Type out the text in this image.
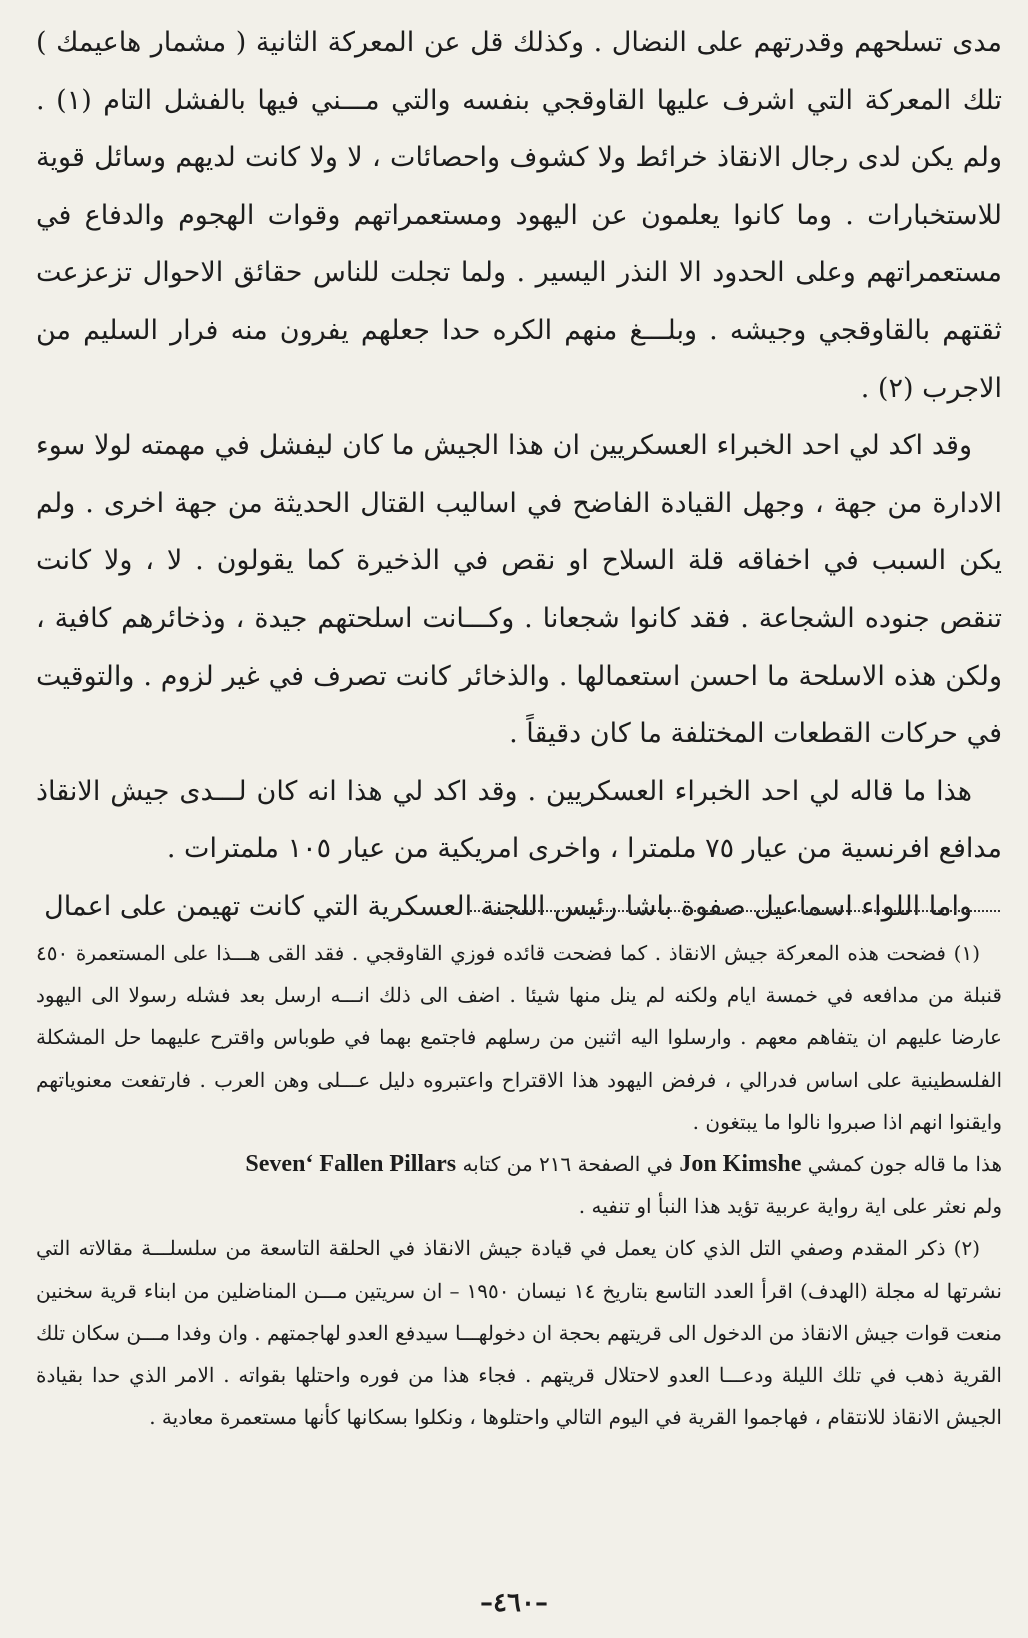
مدى تسلحهم وقدرتهم على النضال . وكذلك قل عن المعركة الثانية ( مشمار هاعيمك ) تلك المعركة التي اشرف عليها القاوقجي بنفسه والتي مـــني فيها بالفشل التام (١) . ولم يكن لدى رجال الانقاذ خرائط ولا كشوف واحصائات ، لا ولا كانت لديهم وسائل قوية للاستخبارات . وما كانوا يعلمون عن اليهود ومستعمراتهم وقوات الهجوم والدفاع في مستعمراتهم وعلى الحدود الا النذر اليسير . ولما تجلت للناس حقائق الاحوال تزعزعت ثقتهم بالقاوقجي وجيشه . وبلـــغ منهم الكره حدا جعلهم يفرون منه فرار السليم من الاجرب (٢) .

وقد اكد لي احد الخبراء العسكريين ان هذا الجيش ما كان ليفشل في مهمته لولا سوء الادارة من جهة ، وجهل القيادة الفاضح في اساليب القتال الحديثة من جهة اخرى . ولم يكن السبب في اخفاقه قلة السلاح او نقص في الذخيرة كما يقولون . لا ، ولا كانت تنقص جنوده الشجاعة . فقد كانوا شجعانا . وكـــانت اسلحتهم جيدة ، وذخائرهم كافية ، ولكن هذه الاسلحة ما احسن استعمالها . والذخائر كانت تصرف في غير لزوم . والتوقيت في حركات القطعات المختلفة ما كان دقيقاً .

هذا ما قاله لي احد الخبراء العسكريين . وقد اكد لي هذا انه كان لـــدى جيش الانقاذ مدافع افرنسية من عيار ٧٥ ملمترا ، واخرى امريكية من عيار ١٠٥ ملمترات .

واما اللواء اسماعيل صفوة باشا رئيس اللجنة العسكرية التي كانت تهيمن على اعمال

(١) فضحت هذه المعركة جيش الانقاذ . كما فضحت قائده فوزي القاوقجي . فقد القى هـــذا على المستعمرة ٤٥٠ قنبلة من مدافعه في خمسة ايام ولكنه لم ينل منها شيئا . اضف الى ذلك انـــه ارسل بعد فشله رسولا الى اليهود عارضا عليهم ان يتفاهم معهم . وارسلوا اليه اثنين من رسلهم فاجتمع بهما في طوباس واقترح عليهما حل المشكلة الفلسطينية على اساس فدرالي ، فرفض اليهود هذا الاقتراح واعتبروه دليل عـــلى وهن العرب . فارتفعت معنوياتهم وايقنوا انهم اذا صبروا نالوا ما يبتغون .

هذا ما قاله جون كمشي Jon Kimshe في الصفحة ٢١٦ من كتابه Seven‘ Fallen Pillars

ولم نعثر على اية رواية عربية تؤيد هذا النبأ او تنفيه .

(٢) ذكر المقدم وصفي التل الذي كان يعمل في قيادة جيش الانقاذ في الحلقة التاسعة من سلسلـــة مقالاته التي نشرتها له مجلة (الهدف) اقرأ العدد التاسع بتاريخ ١٤ نيسان ١٩٥٠ – ان سريتين مـــن المناضلين من ابناء قرية سخنين منعت قوات جيش الانقاذ من الدخول الى قريتهم بحجة ان دخولهـــا سيدفع العدو لهاجمتهم . وان وفدا مـــن سكان تلك القرية ذهب في تلك الليلة ودعـــا العدو لاحتلال قريتهم . فجاء هذا من فوره واحتلها بقواته . الامر الذي حدا بقيادة الجيش الانقاذ للانتقام ، فهاجموا القرية في اليوم التالي واحتلوها ، ونكلوا بسكانها كأنها مستعمرة معادية .

–٤٦٠–
